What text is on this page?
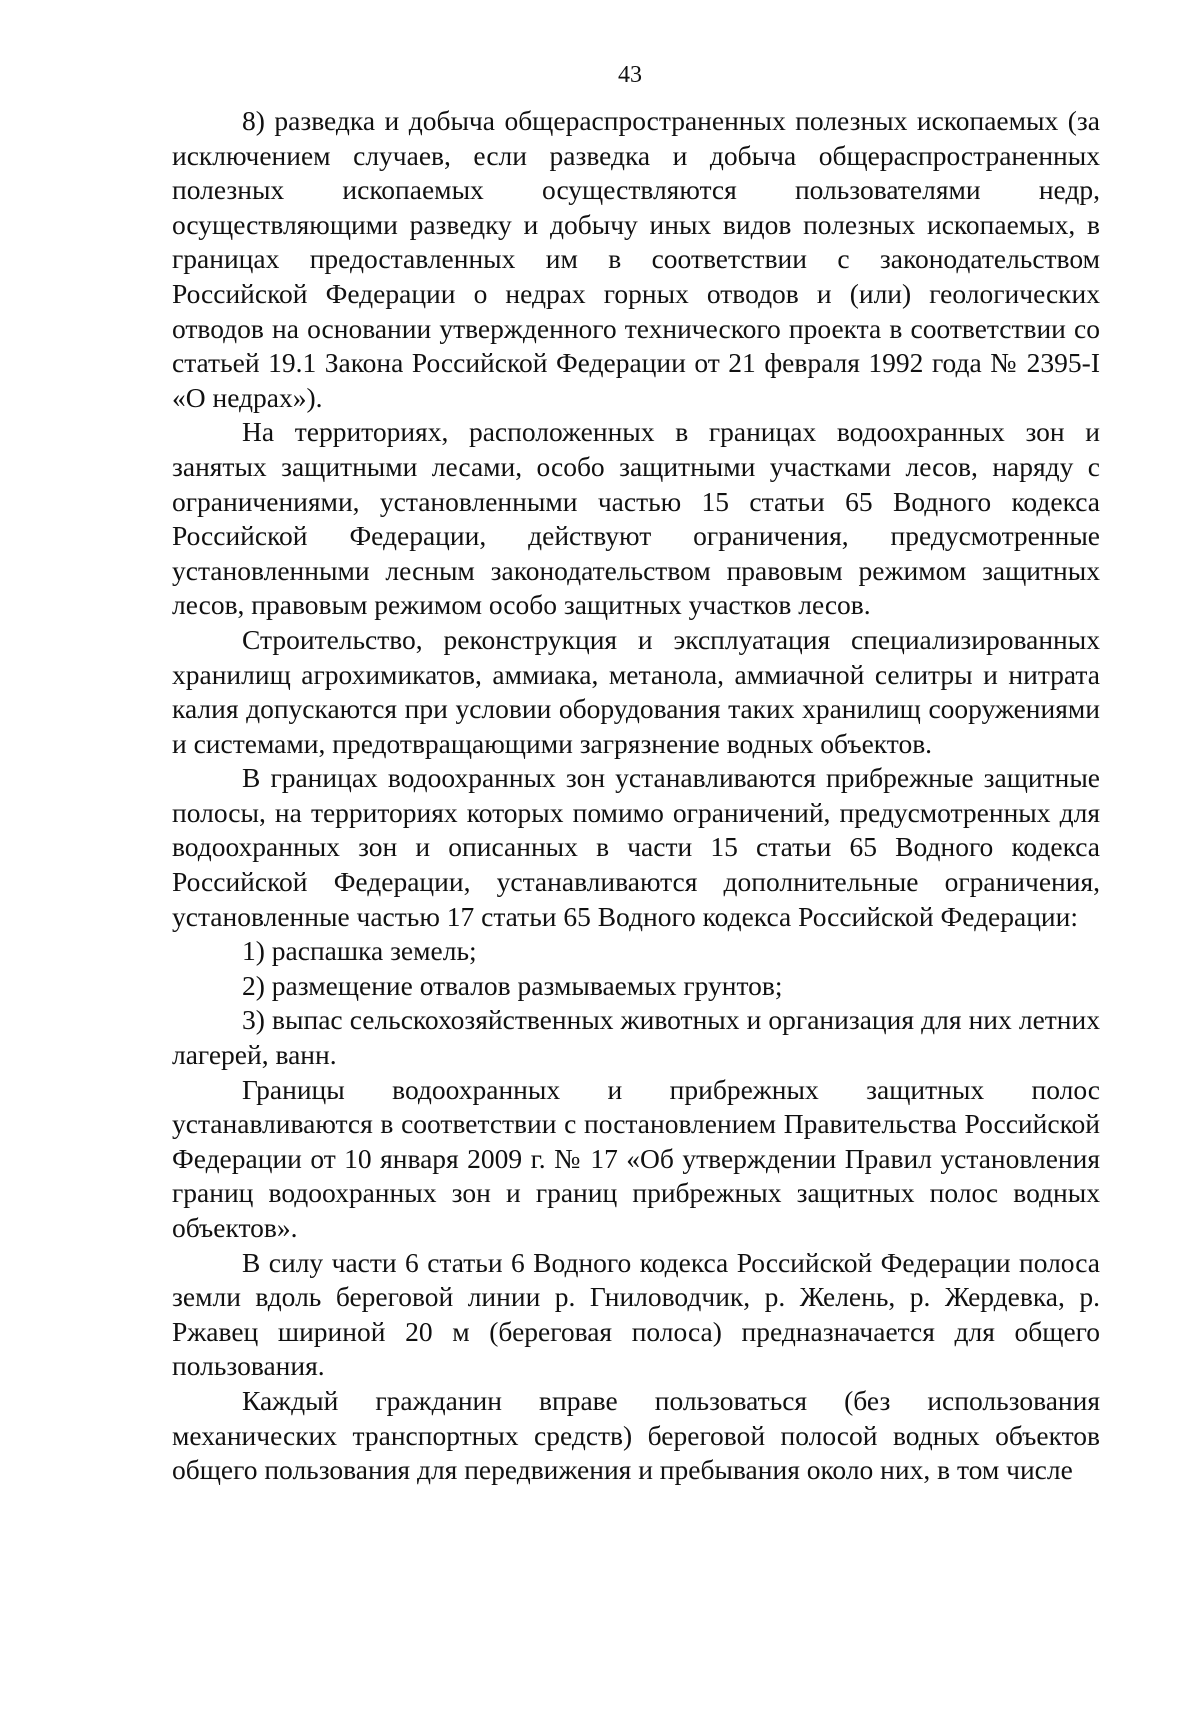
43

8) разведка и добыча общераспространенных полезных ископаемых (за исключением случаев, если разведка и добыча общераспространенных полезных ископаемых осуществляются пользователями недр, осуществляющими разведку и добычу иных видов полезных ископаемых, в границах предоставленных им в соответствии с законодательством Российской Федерации о недрах горных отводов и (или) геологических отводов на основании утвержденного технического проекта в соответствии со статьей 19.1 Закона Российской Федерации от 21 февраля 1992 года № 2395-I «О недрах»).

На территориях, расположенных в границах водоохранных зон и занятых защитными лесами, особо защитными участками лесов, наряду с ограничениями, установленными частью 15 статьи 65 Водного кодекса Российской Федерации, действуют ограничения, предусмотренные установленными лесным законодательством правовым режимом защитных лесов, правовым режимом особо защитных участков лесов.

Строительство, реконструкция и эксплуатация специализированных хранилищ агрохимикатов, аммиака, метанола, аммиачной селитры и нитрата калия допускаются при условии оборудования таких хранилищ сооружениями и системами, предотвращающими загрязнение водных объектов.

В границах водоохранных зон устанавливаются прибрежные защитные полосы, на территориях которых помимо ограничений, предусмотренных для водоохранных зон и описанных в части 15 статьи 65 Водного кодекса Российской Федерации, устанавливаются дополнительные ограничения, установленные частью 17 статьи 65 Водного кодекса Российской Федерации:

1) распашка земель;

2) размещение отвалов размываемых грунтов;

3) выпас сельскохозяйственных животных и организация для них летних лагерей, ванн.

Границы водоохранных и прибрежных защитных полос устанавливаются в соответствии с постановлением Правительства Российской Федерации от 10 января 2009 г. № 17 «Об утверждении Правил установления границ водоохранных зон и границ прибрежных защитных полос водных объектов».

В силу части 6 статьи 6 Водного кодекса Российской Федерации полоса земли вдоль береговой линии р. Гниловодчик, р. Желень, р. Жердевка, р. Ржавец шириной 20 м (береговая полоса) предназначается для общего пользования.

Каждый гражданин вправе пользоваться (без использования механических транспортных средств) береговой полосой водных объектов общего пользования для передвижения и пребывания около них, в том числе
